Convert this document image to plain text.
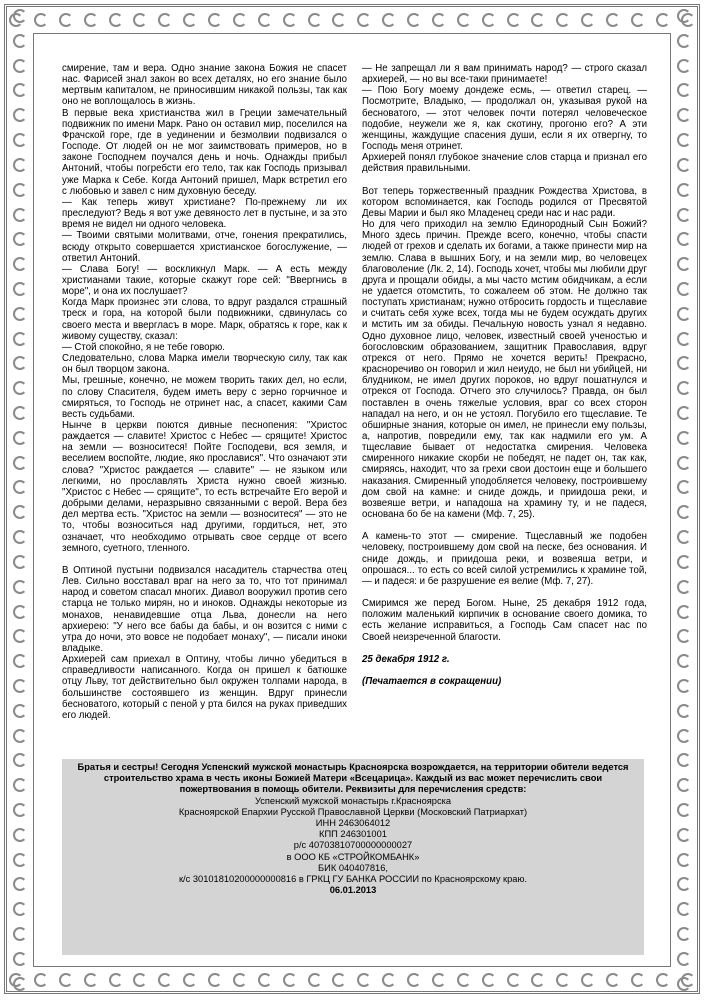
смирение, там и вера. Одно знание закона Божия не спасет нас. Фарисей знал закон во всех деталях, но его знание было мертвым капиталом, не приносившим никакой пользы, так как оно не воплощалось в жизнь.

В первые века христианства жил в Греции замечательный подвижник по имени Марк. Рано он оставил мир, поселился на Фрачской горе, где в уединении и безмолвии подвизался о Господе. От людей он не мог заимствовать примеров, но в законе Господнем поучался день и ночь. Однажды прибыл Антоний, чтобы погребсти его тело, так как Господь призывал уже Марка к Себе. Когда Антоний пришел, Марк встретил его с любовью и завел с ним духовную беседу.

— Как теперь живут христиане? По-прежнему ли их преследуют? Ведь я вот уже девяносто лет в пустыне, и за это время не видел ни одного человека.

— Твоими святыми молитвами, отче, гонения прекратились, всюду открыто совершается христианское богослужение, — ответил Антоний.

— Слава Богу! — воскликнул Марк. — А есть между христианами такие, которые скажут горе сей: "Ввергнись в море", и она их послушает?

Когда Марк произнес эти слова, то вдруг раздался страшный треск и гора, на которой были подвижники, сдвинулась со своего места и ввергласъ в море. Марк, обратясь к горе, как к живому существу, сказал:

— Стой спокойно, я не тебе говорю.

Следовательно, слова Марка имели творческую силу, так как он был творцом закона.

Мы, грешные, конечно, не можем творить таких дел, но если, по слову Спасителя, будем иметь веру с зерно горчичное и смиряться, то Господь не отринет нас, а спасет, какими Сам весть судьбами.

Нынче в церкви поются дивные песнопения: "Христос раждается — славите! Христос с Небес — срящите! Христос на земли — возноситеся! Пойте Господеви, вся земля, и веселием воспойте, людие, яко прославися". Что означают эти слова? "Христос раждается — славите" — не языком или легкими, но прославлять Христа нужно своей жизнью. "Христос с Небес — срящите", то есть встречайте Его верой и добрыми делами, неразрывно связанными с верой. Вера без дел мертва есть. "Христос на земли — возноситеся" — это не то, чтобы возноситься над другими, гордиться, нет, это означает, что необходимо отрывать свое сердце от всего земного, суетного, тленного.

В Оптиной пустыни подвизался насадитель старчества отец Лев. Сильно восставал враг на него за то, что тот принимал народ и советом спасал многих. Диавол вооружил против сего старца не только мирян, но и иноков. Однажды некоторые из монахов, ненавидевшие отца Льва, донесли на него архиерею: "У него все бабы да бабы, и он возится с ними с утра до ночи, это вовсе не подобает монаху", — писали иноки владыке.

Архиерей сам приехал в Оптину, чтобы лично убедиться в справедливости написанного. Когда он пришел к батюшке отцу Льву, тот действительно был окружен толпами народа, в большинстве состоявшего из женщин. Вдруг принесли бесноватого, который с пеной у рта бился на руках приведших его людей.

— Не запрещал ли я вам принимать народ? — строго сказал архиерей, — но вы все-таки принимаете!

— Пою Богу моему дондеже есмь, — ответил старец. — Посмотрите, Владыко, — продолжал он, указывая рукой на бесноватого, — этот человек почти потерял человеческое подобие, неужели же я, как скотину, прогоню его? А эти женщины, жаждущие спасения души, если я их отвергну, то Господь меня отринет.

Архиерей понял глубокое значение слов старца и признал его действия правильными.

Вот теперь торжественный праздник Рождества Христова, в котором вспоминается, как Господь родился от Пресвятой Девы Марии и был яко Младенец среди нас и нас ради.

Но для чего приходил на землю Единородный Сын Божий? Много здесь причин. Прежде всего, конечно, чтобы спасти людей от грехов и сделать их богами, а также принести мир на землю. Слава в вышних Богу, и на земли мир, во человецех благоволение (Лк. 2, 14). Господь хочет, чтобы мы любили друг друга и прощали обиды, а мы часто мстим обидчикам, а если не удается отомстить, то сожалеем об этом. Не должно так поступать христианам; нужно отбросить гордость и тщеславие и считать себя хуже всех, тогда мы не будем осуждать других и мстить им за обиды. Печальную новость узнал я недавно. Одно духовное лицо, человек, известный своей ученостью и богословским образованием, защитник Православия, вдруг отрекся от него. Прямо не хочется верить! Прекрасно, красноречиво он говорил и жил неиудо, не был ни убийцей, ни блудником, не имел других пороков, но вдруг пошатнулся и отрекся от Господа. Отчего это случилось? Правда, он был поставлен в очень тяжелые условия, враг со всех сторон нападал на него, и он не устоял. Погубило его тщеславие. Те обширные знания, которые он имел, не принесли ему пользы, а, напротив, повредили ему, так как надмили его ум. А тщеславие бывает от недостатка смирения. Человека смиренного никакие скорби не победят, не падет он, так как, смиряясь, находит, что за грехи свои достоин еще и большего наказания. Смиренный уподобляется человеку, построившему дом свой на камне: и сниде дождь, и приидоша реки, и возвеяше ветри, и нападоша на храмину ту, и не падеся, основана бо бе на камени (Мф. 7, 25).

А камень-то этот — смирение. Тщеславный же подобен человеку, построившему дом свой на песке, без основания. И сниде дождь, и приидоша реки, и возвеяша ветри, и опрошася... то есть со всей силой устремились к храмине той, — и падеся: и бе разрушение ея велие (Мф. 7, 27).

Смиримся же перед Богом. Ныне, 25 декабря 1912 года, положим маленький кирпичик в основание своего домика, то есть желание исправиться, а Господь Сам спасет нас по Своей неизреченной благости.

25 декабря 1912 г.

(Печатается в сокращении)

Братья и сестры! Сегодня Успенский мужской монастырь Красноярска возрождается, на территории обители ведется строительство храма в честь иконы Божией Матери «Всецарица». Каждый из вас может перечислить свои пожертвования в помощь обители. Реквизиты для перечисления средств:

Успенский мужской монастырь г.Красноярска

Красноярской Епархии Русской Православной Церкви (Московский Патриархат)

ИНН 2463064012

КПП 246301001

р/с 40703810700000000027

в ООО КБ «СТРОЙКОМБАНК»

БИК 040407816,

к/с 30101810200000000816 в ГРКЦ ГУ БАНКА РОССИИ по Красноярскому краю.

06.01.2013
